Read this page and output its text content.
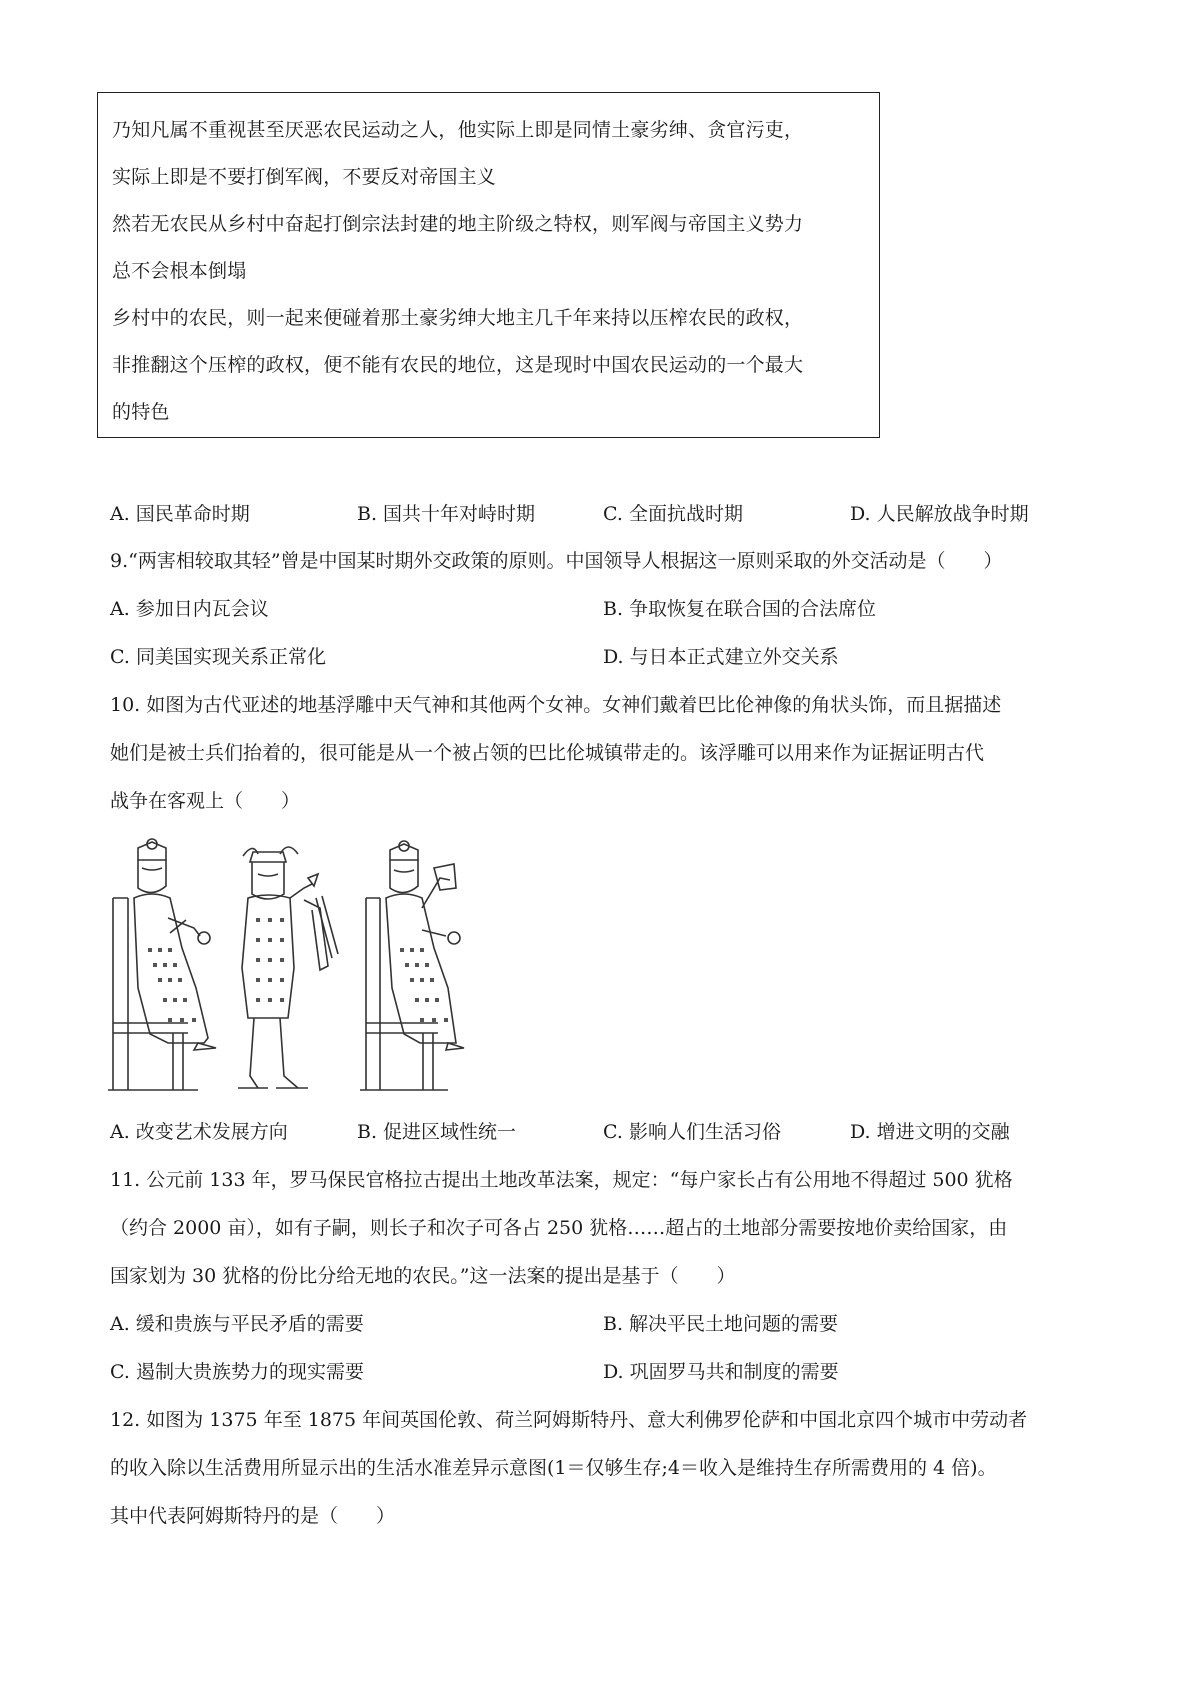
乃知凡属不重视甚至厌恶农民运动之人，他实际上即是同情土豪劣绅、贪官污吏，
实际上即是不要打倒军阀，不要反对帝国主义
然若无农民从乡村中奋起打倒宗法封建的地主阶级之特权，则军阀与帝国主义势力
总不会根本倒塌
乡村中的农民，则一起来便碰着那土豪劣绅大地主几千年来持以压榨农民的政权，
非推翻这个压榨的政权，便不能有农民的地位，这是现时中国农民运动的一个最大
的特色
A. 国民革命时期	B. 国共十年对峙时期	C. 全面抗战时期	D. 人民解放战争时期
9.“两害相较取其轻”曾是中国某时期外交政策的原则。中国领导人根据这一原则采取的外交活动是（　　）
A. 参加日内瓦会议	B. 争取恢复在联合国的合法席位
C. 同美国实现关系正常化	D. 与日本正式建立外交关系
10. 如图为古代亚述的地基浮雕中天气神和其他两个女神。女神们戴着巴比伦神像的角状头饰，而且据描述
她们是被士兵们抬着的，很可能是从一个被占领的巴比伦城镇带走的。该浮雕可以用来作为证据证明古代
战争在客观上（　　）
A. 改变艺术发展方向	B. 促进区域性统一	C. 影响人们生活习俗	D. 增进文明的交融
11. 公元前 133 年，罗马保民官格拉古提出土地改革法案，规定：“每户家长占有公用地不得超过 500 犹格
（约合 2000 亩），如有子嗣，则长子和次子可各占 250 犹格……超占的土地部分需要按地价卖给国家，由
国家划为 30 犹格的份比分给无地的农民。”这一法案的提出是基于（　　）
A. 缓和贵族与平民矛盾的需要	B. 解决平民土地问题的需要
C. 遏制大贵族势力的现实需要	D. 巩固罗马共和制度的需要
12. 如图为 1375 年至 1875 年间英国伦敦、荷兰阿姆斯特丹、意大利佛罗伦萨和中国北京四个城市中劳动者
的收入除以生活费用所显示出的生活水准差异示意图(1＝仅够生存;4＝收入是维持生存所需费用的 4 倍)。
其中代表阿姆斯特丹的是（　　）
